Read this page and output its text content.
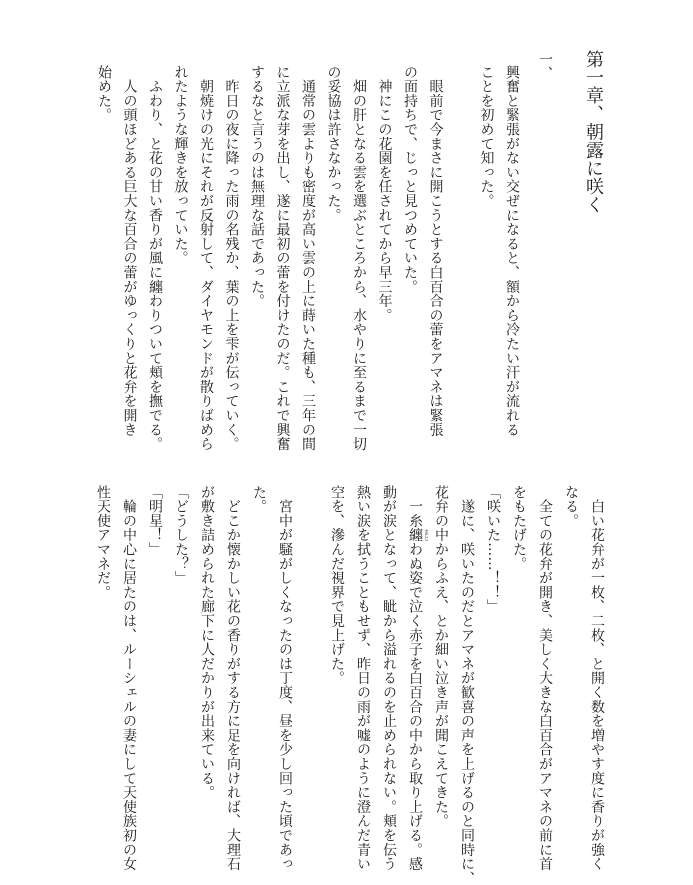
第一章、朝露に咲く
一、
興奮と緊張がない交ぜになると、額から冷たい汗が流れる
ことを初めて知った。
　眼前で今まさに開こうとする白百合の蕾をアマネは緊張
の面持ちで、じっと見つめていた。
　神にこの花園を任されてから早三年。
　畑の肝となる雲を選ぶところから、水やりに至るまで一切
の妥協は許さなかった。
　通常の雲よりも密度が高い雲の上に蒔いた種も、三年の間
に立派な芽を出し、遂に最初の蕾を付けたのだ。これで興奮
するなと言うのは無理な話であった。
　昨日の夜に降った雨の名残か、葉の上を雫が伝っていく。
　朝焼けの光にそれが反射して、ダイヤモンドが散りばめら
れたような輝きを放っていた。
　ふわり、と花の甘い香りが風に纏わりついて頬を撫でる。
　人の頭ほどある巨大な百合の蕾がゆっくりと花弁を開き
始めた。
　白い花弁が一枚、二枚、と開く数を増やす度に香りが強く
なる。
　全ての花弁が開き、美しく大きな白百合がアマネの前に首
をもたげた。
「咲いた……！！」
　遂に、咲いたのだとアマネが歓喜の声を上げるのと同時に、
花弁の中からふえ、とか細い泣き声が聞こえてきた。
　一糸纏わぬ姿で泣く赤子を白百合の中から取り上げる。感 まと
動が涙となって、眦から溢れるのを止められない。頬を伝う
熱い涙を拭うこともせず、昨日の雨が嘘のように澄んだ青い
空を、滲んだ視界で見上げた。
　宮中が騒がしくなったのは丁度、昼を少し回った頃であっ
た。
　どこか懐かしい花の香りがする方に足を向ければ、大理石
が敷き詰められた廊下に人だかりが出来ている。
「どうした？」
「明星！」
　輪の中心に居たのは、ルーシェルの妻にして天使族初の女
性天使アマネだ。
